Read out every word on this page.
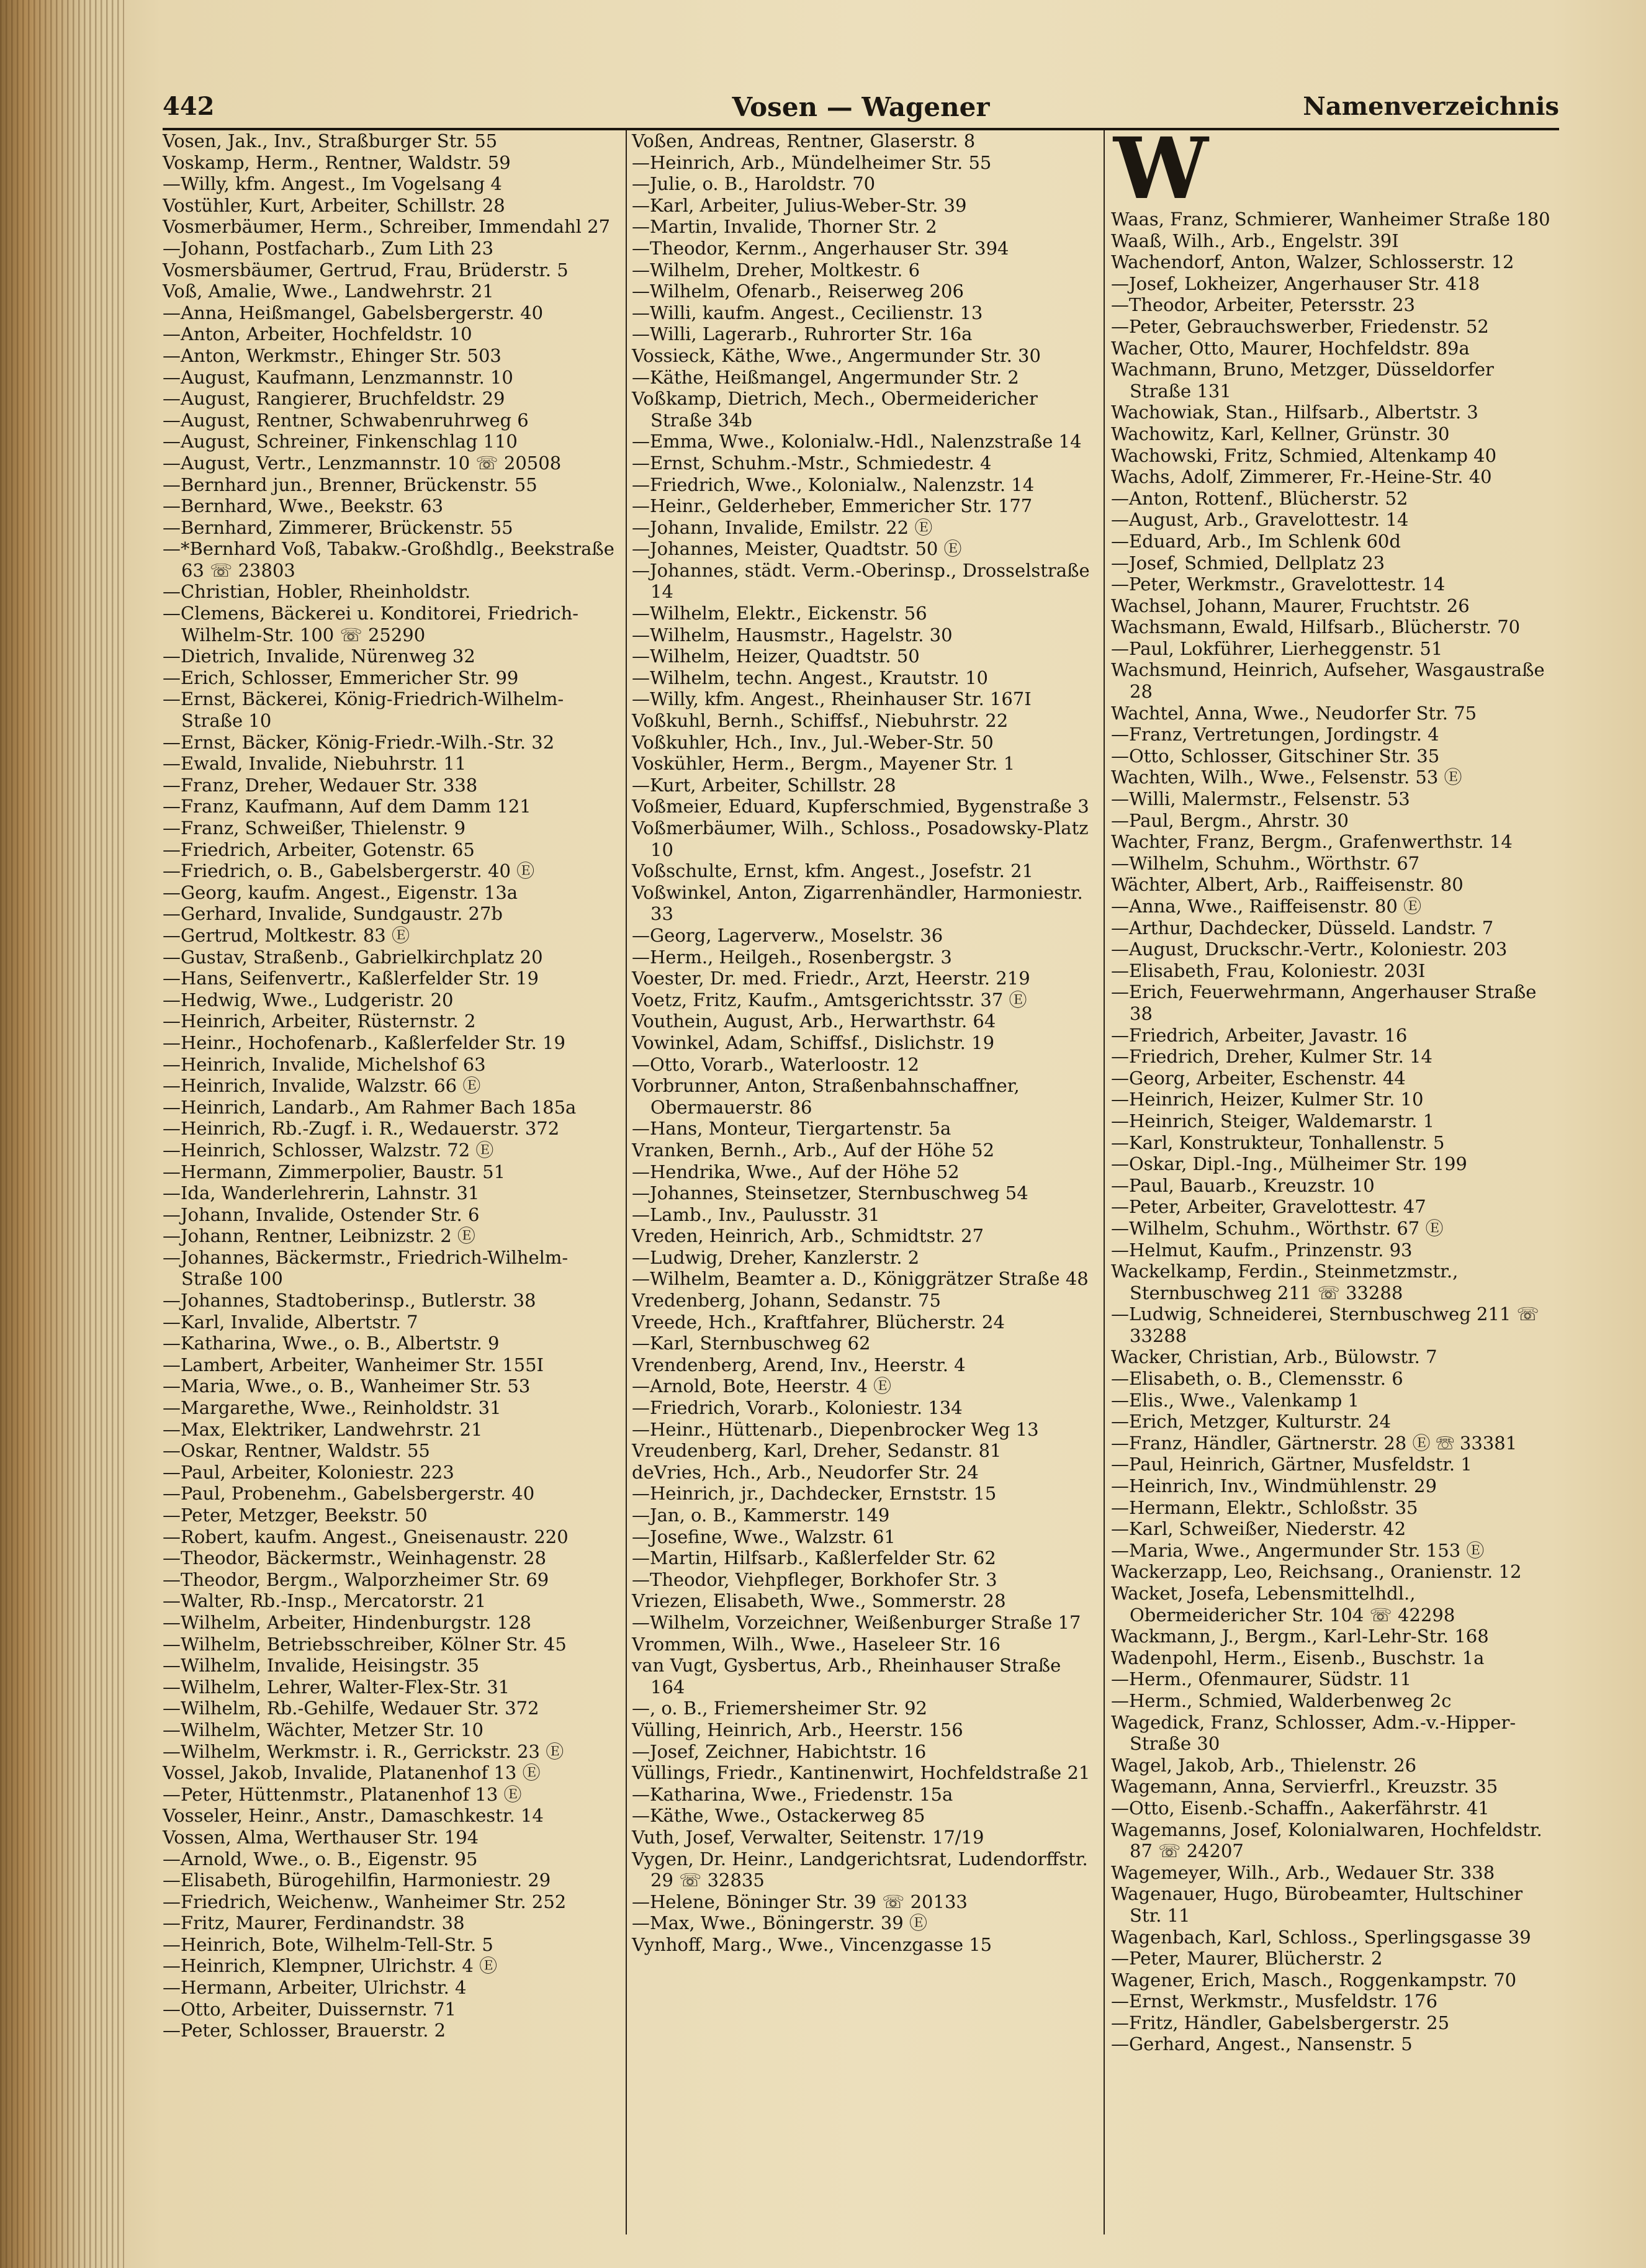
442	Vosen — Wagener	Namenverzeichnis

Vosen, Jak., Inv., Straßburger Str. 55

Voskamp, Herm., Rentner, Waldstr. 59

—Willy, kfm. Angest., Im Vogelsang 4

Vostühler, Kurt, Arbeiter, Schillstr. 28

Vosmerbäumer, Herm., Schreiber, Immendahl 27

—Johann, Postfacharb., Zum Lith 23

Vosmersbäumer, Gertrud, Frau, Brüderstr. 5

Voß, Amalie, Wwe., Landwehrstr. 21

—Anna, Heißmangel, Gabelsbergerstr. 40

—Anton, Arbeiter, Hochfeldstr. 10

—Anton, Werkmstr., Ehinger Str. 503

—August, Kaufmann, Lenzmannstr. 10

—August, Rangierer, Bruchfeldstr. 29

—August, Rentner, Schwabenruhrweg 6

—August, Schreiner, Finkenschlag 110

—August, Vertr., Lenzmannstr. 10 ☏ 20508

—Bernhard jun., Brenner, Brückenstr. 55

—Bernhard, Wwe., Beekstr. 63

—Bernhard, Zimmerer, Brückenstr. 55

—*Bernhard Voß, Tabakw.-Großhdlg., Beekstraße 63 ☏ 23803

—Christian, Hobler, Rheinholdstr.

—Clemens, Bäckerei u. Konditorei, Friedrich-Wilhelm-Str. 100 ☏ 25290

—Dietrich, Invalide, Nürenweg 32

—Erich, Schlosser, Emmericher Str. 99

—Ernst, Bäckerei, König-Friedrich-Wilhelm-Straße 10

—Ernst, Bäcker, König-Friedr.-Wilh.-Str. 32

—Ewald, Invalide, Niebuhrstr. 11

—Franz, Dreher, Wedauer Str. 338

—Franz, Kaufmann, Auf dem Damm 121

—Franz, Schweißer, Thielenstr. 9

—Friedrich, Arbeiter, Gotenstr. 65

—Friedrich, o. B., Gabelsbergerstr. 40 Ⓔ

—Georg, kaufm. Angest., Eigenstr. 13a

—Gerhard, Invalide, Sundgaustr. 27b

—Gertrud, Moltkestr. 83 Ⓔ

—Gustav, Straßenb., Gabrielkirchplatz 20

—Hans, Seifenvertr., Kaßlerfelder Str. 19

—Hedwig, Wwe., Ludgeristr. 20

—Heinrich, Arbeiter, Rüsternstr. 2

—Heinr., Hochofenarb., Kaßlerfelder Str. 19

—Heinrich, Invalide, Michelshof 63

—Heinrich, Invalide, Walzstr. 66 Ⓔ

—Heinrich, Landarb., Am Rahmer Bach 185a

—Heinrich, Rb.-Zugf. i. R., Wedauerstr. 372

—Heinrich, Schlosser, Walzstr. 72 Ⓔ

—Hermann, Zimmerpolier, Baustr. 51

—Ida, Wanderlehrerin, Lahnstr. 31

—Johann, Invalide, Ostender Str. 6

—Johann, Rentner, Leibnizstr. 2 Ⓔ

—Johannes, Bäckermstr., Friedrich-Wilhelm-Straße 100

—Johannes, Stadtoberinsp., Butlerstr. 38

—Karl, Invalide, Albertstr. 7

—Katharina, Wwe., o. B., Albertstr. 9

—Lambert, Arbeiter, Wanheimer Str. 155I

—Maria, Wwe., o. B., Wanheimer Str. 53

—Margarethe, Wwe., Reinholdstr. 31

—Max, Elektriker, Landwehrstr. 21

—Oskar, Rentner, Waldstr. 55

—Paul, Arbeiter, Koloniestr. 223

—Paul, Probenehm., Gabelsbergerstr. 40

—Peter, Metzger, Beekstr. 50

—Robert, kaufm. Angest., Gneisenaustr. 220

—Theodor, Bäckermstr., Weinhagenstr. 28

—Theodor, Bergm., Walporzheimer Str. 69

—Walter, Rb.-Insp., Mercatorstr. 21

—Wilhelm, Arbeiter, Hindenburgstr. 128

—Wilhelm, Betriebsschreiber, Kölner Str. 45

—Wilhelm, Invalide, Heisingstr. 35

—Wilhelm, Lehrer, Walter-Flex-Str. 31

—Wilhelm, Rb.-Gehilfe, Wedauer Str. 372

—Wilhelm, Wächter, Metzer Str. 10

—Wilhelm, Werkmstr. i. R., Gerrickstr. 23 Ⓔ

Vossel, Jakob, Invalide, Platanenhof 13 Ⓔ

—Peter, Hüttenmstr., Platanenhof 13 Ⓔ

Vosseler, Heinr., Anstr., Damaschkestr. 14

Vossen, Alma, Werthauser Str. 194

—Arnold, Wwe., o. B., Eigenstr. 95

—Elisabeth, Bürogehilfin, Harmoniestr. 29

—Friedrich, Weichenw., Wanheimer Str. 252

—Fritz, Maurer, Ferdinandstr. 38

—Heinrich, Bote, Wilhelm-Tell-Str. 5

—Heinrich, Klempner, Ulrichstr. 4 Ⓔ

—Hermann, Arbeiter, Ulrichstr. 4

—Otto, Arbeiter, Duissernstr. 71

—Peter, Schlosser, Brauerstr. 2

Voßen, Andreas, Rentner, Glaserstr. 8

—Heinrich, Arb., Mündelheimer Str. 55

—Julie, o. B., Haroldstr. 70

—Karl, Arbeiter, Julius-Weber-Str. 39

—Martin, Invalide, Thorner Str. 2

—Theodor, Kernm., Angerhauser Str. 394

—Wilhelm, Dreher, Moltkestr. 6

—Wilhelm, Ofenarb., Reiserweg 206

—Willi, kaufm. Angest., Cecilienstr. 13

—Willi, Lagerarb., Ruhrorter Str. 16a

Vossieck, Käthe, Wwe., Angermunder Str. 30

—Käthe, Heißmangel, Angermunder Str. 2

Voßkamp, Dietrich, Mech., Obermeidericher Straße 34b

—Emma, Wwe., Kolonialw.-Hdl., Nalenzstraße 14

—Ernst, Schuhm.-Mstr., Schmiedestr. 4

—Friedrich, Wwe., Kolonialw., Nalenzstr. 14

—Heinr., Gelderheber, Emmericher Str. 177

—Johann, Invalide, Emilstr. 22 Ⓔ

—Johannes, Meister, Quadtstr. 50 Ⓔ

—Johannes, städt. Verm.-Oberinsp., Drosselstraße 14

—Wilhelm, Elektr., Eickenstr. 56

—Wilhelm, Hausmstr., Hagelstr. 30

—Wilhelm, Heizer, Quadtstr. 50

—Wilhelm, techn. Angest., Krautstr. 10

—Willy, kfm. Angest., Rheinhauser Str. 167I

Voßkuhl, Bernh., Schiffsf., Niebuhrstr. 22

Voßkuhler, Hch., Inv., Jul.-Weber-Str. 50

Voskühler, Herm., Bergm., Mayener Str. 1

—Kurt, Arbeiter, Schillstr. 28

Voßmeier, Eduard, Kupferschmied, Bygenstraße 3

Voßmerbäumer, Wilh., Schloss., Posadowsky-Platz 10

Voßschulte, Ernst, kfm. Angest., Josefstr. 21

Voßwinkel, Anton, Zigarrenhändler, Harmoniestr. 33

—Georg, Lagerverw., Moselstr. 36

—Herm., Heilgeh., Rosenbergstr. 3

Voester, Dr. med. Friedr., Arzt, Heerstr. 219

Voetz, Fritz, Kaufm., Amtsgerichtsstr. 37 Ⓔ

Vouthein, August, Arb., Herwarthstr. 64

Vowinkel, Adam, Schiffsf., Dislichstr. 19

—Otto, Vorarb., Waterloostr. 12

Vorbrunner, Anton, Straßenbahnschaffner, Obermauerstr. 86

—Hans, Monteur, Tiergartenstr. 5a

Vranken, Bernh., Arb., Auf der Höhe 52

—Hendrika, Wwe., Auf der Höhe 52

—Johannes, Steinsetzer, Sternbuschweg 54

—Lamb., Inv., Paulusstr. 31

Vreden, Heinrich, Arb., Schmidtstr. 27

—Ludwig, Dreher, Kanzlerstr. 2

—Wilhelm, Beamter a. D., Königgrätzer Straße 48

Vredenberg, Johann, Sedanstr. 75

Vreede, Hch., Kraftfahrer, Blücherstr. 24

—Karl, Sternbuschweg 62

Vrendenberg, Arend, Inv., Heerstr. 4

—Arnold, Bote, Heerstr. 4 Ⓔ

—Friedrich, Vorarb., Koloniestr. 134

—Heinr., Hüttenarb., Diepenbrocker Weg 13

Vreudenberg, Karl, Dreher, Sedanstr. 81

deVries, Hch., Arb., Neudorfer Str. 24

—Heinrich, jr., Dachdecker, Ernststr. 15

—Jan, o. B., Kammerstr. 149

—Josefine, Wwe., Walzstr. 61

—Martin, Hilfsarb., Kaßlerfelder Str. 62

—Theodor, Viehpfleger, Borkhofer Str. 3

Vriezen, Elisabeth, Wwe., Sommerstr. 28

—Wilhelm, Vorzeichner, Weißenburger Straße 17

Vrommen, Wilh., Wwe., Haseleer Str. 16

van Vugt, Gysbertus, Arb., Rheinhauser Straße 164

—, o. B., Friemersheimer Str. 92

Vülling, Heinrich, Arb., Heerstr. 156

—Josef, Zeichner, Habichtstr. 16

Vüllings, Friedr., Kantinenwirt, Hochfeldstraße 21

—Katharina, Wwe., Friedenstr. 15a

—Käthe, Wwe., Ostackerweg 85

Vuth, Josef, Verwalter, Seitenstr. 17/19

Vygen, Dr. Heinr., Landgerichtsrat, Ludendorffstr. 29 ☏ 32835

—Helene, Böninger Str. 39 ☏ 20133

—Max, Wwe., Böningerstr. 39 Ⓔ

Vynhoff, Marg., Wwe., Vincenzgasse 15

W

Waas, Franz, Schmierer, Wanheimer Straße 180

Waaß, Wilh., Arb., Engelstr. 39I

Wachendorf, Anton, Walzer, Schlosserstr. 12

—Josef, Lokheizer, Angerhauser Str. 418

—Theodor, Arbeiter, Petersstr. 23

—Peter, Gebrauchswerber, Friedenstr. 52

Wacher, Otto, Maurer, Hochfeldstr. 89a

Wachmann, Bruno, Metzger, Düsseldorfer Straße 131

Wachowiak, Stan., Hilfsarb., Albertstr. 3

Wachowitz, Karl, Kellner, Grünstr. 30

Wachowski, Fritz, Schmied, Altenkamp 40

Wachs, Adolf, Zimmerer, Fr.-Heine-Str. 40

—Anton, Rottenf., Blücherstr. 52

—August, Arb., Gravelottestr. 14

—Eduard, Arb., Im Schlenk 60d

—Josef, Schmied, Dellplatz 23

—Peter, Werkmstr., Gravelottestr. 14

Wachsel, Johann, Maurer, Fruchtstr. 26

Wachsmann, Ewald, Hilfsarb., Blücherstr. 70

—Paul, Lokführer, Lierheggenstr. 51

Wachsmund, Heinrich, Aufseher, Wasgaustraße 28

Wachtel, Anna, Wwe., Neudorfer Str. 75

—Franz, Vertretungen, Jordingstr. 4

—Otto, Schlosser, Gitschiner Str. 35

Wachten, Wilh., Wwe., Felsenstr. 53 Ⓔ

—Willi, Malermstr., Felsenstr. 53

—Paul, Bergm., Ahrstr. 30

Wachter, Franz, Bergm., Grafenwerthstr. 14

—Wilhelm, Schuhm., Wörthstr. 67

Wächter, Albert, Arb., Raiffeisenstr. 80

—Anna, Wwe., Raiffeisenstr. 80 Ⓔ

—Arthur, Dachdecker, Düsseld. Landstr. 7

—August, Druckschr.-Vertr., Koloniestr. 203

—Elisabeth, Frau, Koloniestr. 203I

—Erich, Feuerwehrmann, Angerhauser Straße 38

—Friedrich, Arbeiter, Javastr. 16

—Friedrich, Dreher, Kulmer Str. 14

—Georg, Arbeiter, Eschenstr. 44

—Heinrich, Heizer, Kulmer Str. 10

—Heinrich, Steiger, Waldemarstr. 1

—Karl, Konstrukteur, Tonhallenstr. 5

—Oskar, Dipl.-Ing., Mülheimer Str. 199

—Paul, Bauarb., Kreuzstr. 10

—Peter, Arbeiter, Gravelottestr. 47

—Wilhelm, Schuhm., Wörthstr. 67 Ⓔ

—Helmut, Kaufm., Prinzenstr. 93

Wackelkamp, Ferdin., Steinmetzmstr., Sternbuschweg 211 ☏ 33288

—Ludwig, Schneiderei, Sternbuschweg 211 ☏ 33288

Wacker, Christian, Arb., Bülowstr. 7

—Elisabeth, o. B., Clemensstr. 6

—Elis., Wwe., Valenkamp 1

—Erich, Metzger, Kulturstr. 24

—Franz, Händler, Gärtnerstr. 28 Ⓔ ☏ 33381

—Paul, Heinrich, Gärtner, Musfeldstr. 1

—Heinrich, Inv., Windmühlenstr. 29

—Hermann, Elektr., Schloßstr. 35

—Karl, Schweißer, Niederstr. 42

—Maria, Wwe., Angermunder Str. 153 Ⓔ

Wackerzapp, Leo, Reichsang., Oranienstr. 12

Wacket, Josefa, Lebensmittelhdl., Obermeidericher Str. 104 ☏ 42298

Wackmann, J., Bergm., Karl-Lehr-Str. 168

Wadenpohl, Herm., Eisenb., Buschstr. 1a

—Herm., Ofenmaurer, Südstr. 11

—Herm., Schmied, Walderbenweg 2c

Wagedick, Franz, Schlosser, Adm.-v.-Hipper-Straße 30

Wagel, Jakob, Arb., Thielenstr. 26

Wagemann, Anna, Servierfrl., Kreuzstr. 35

—Otto, Eisenb.-Schaffn., Aakerfährstr. 41

Wagemanns, Josef, Kolonialwaren, Hochfeldstr. 87 ☏ 24207

Wagemeyer, Wilh., Arb., Wedauer Str. 338

Wagenauer, Hugo, Bürobeamter, Hultschiner Str. 11

Wagenbach, Karl, Schloss., Sperlingsgasse 39

—Peter, Maurer, Blücherstr. 2

Wagener, Erich, Masch., Roggenkampstr. 70

—Ernst, Werkmstr., Musfeldstr. 176

—Fritz, Händler, Gabelsbergerstr. 25

—Gerhard, Angest., Nansenstr. 5
